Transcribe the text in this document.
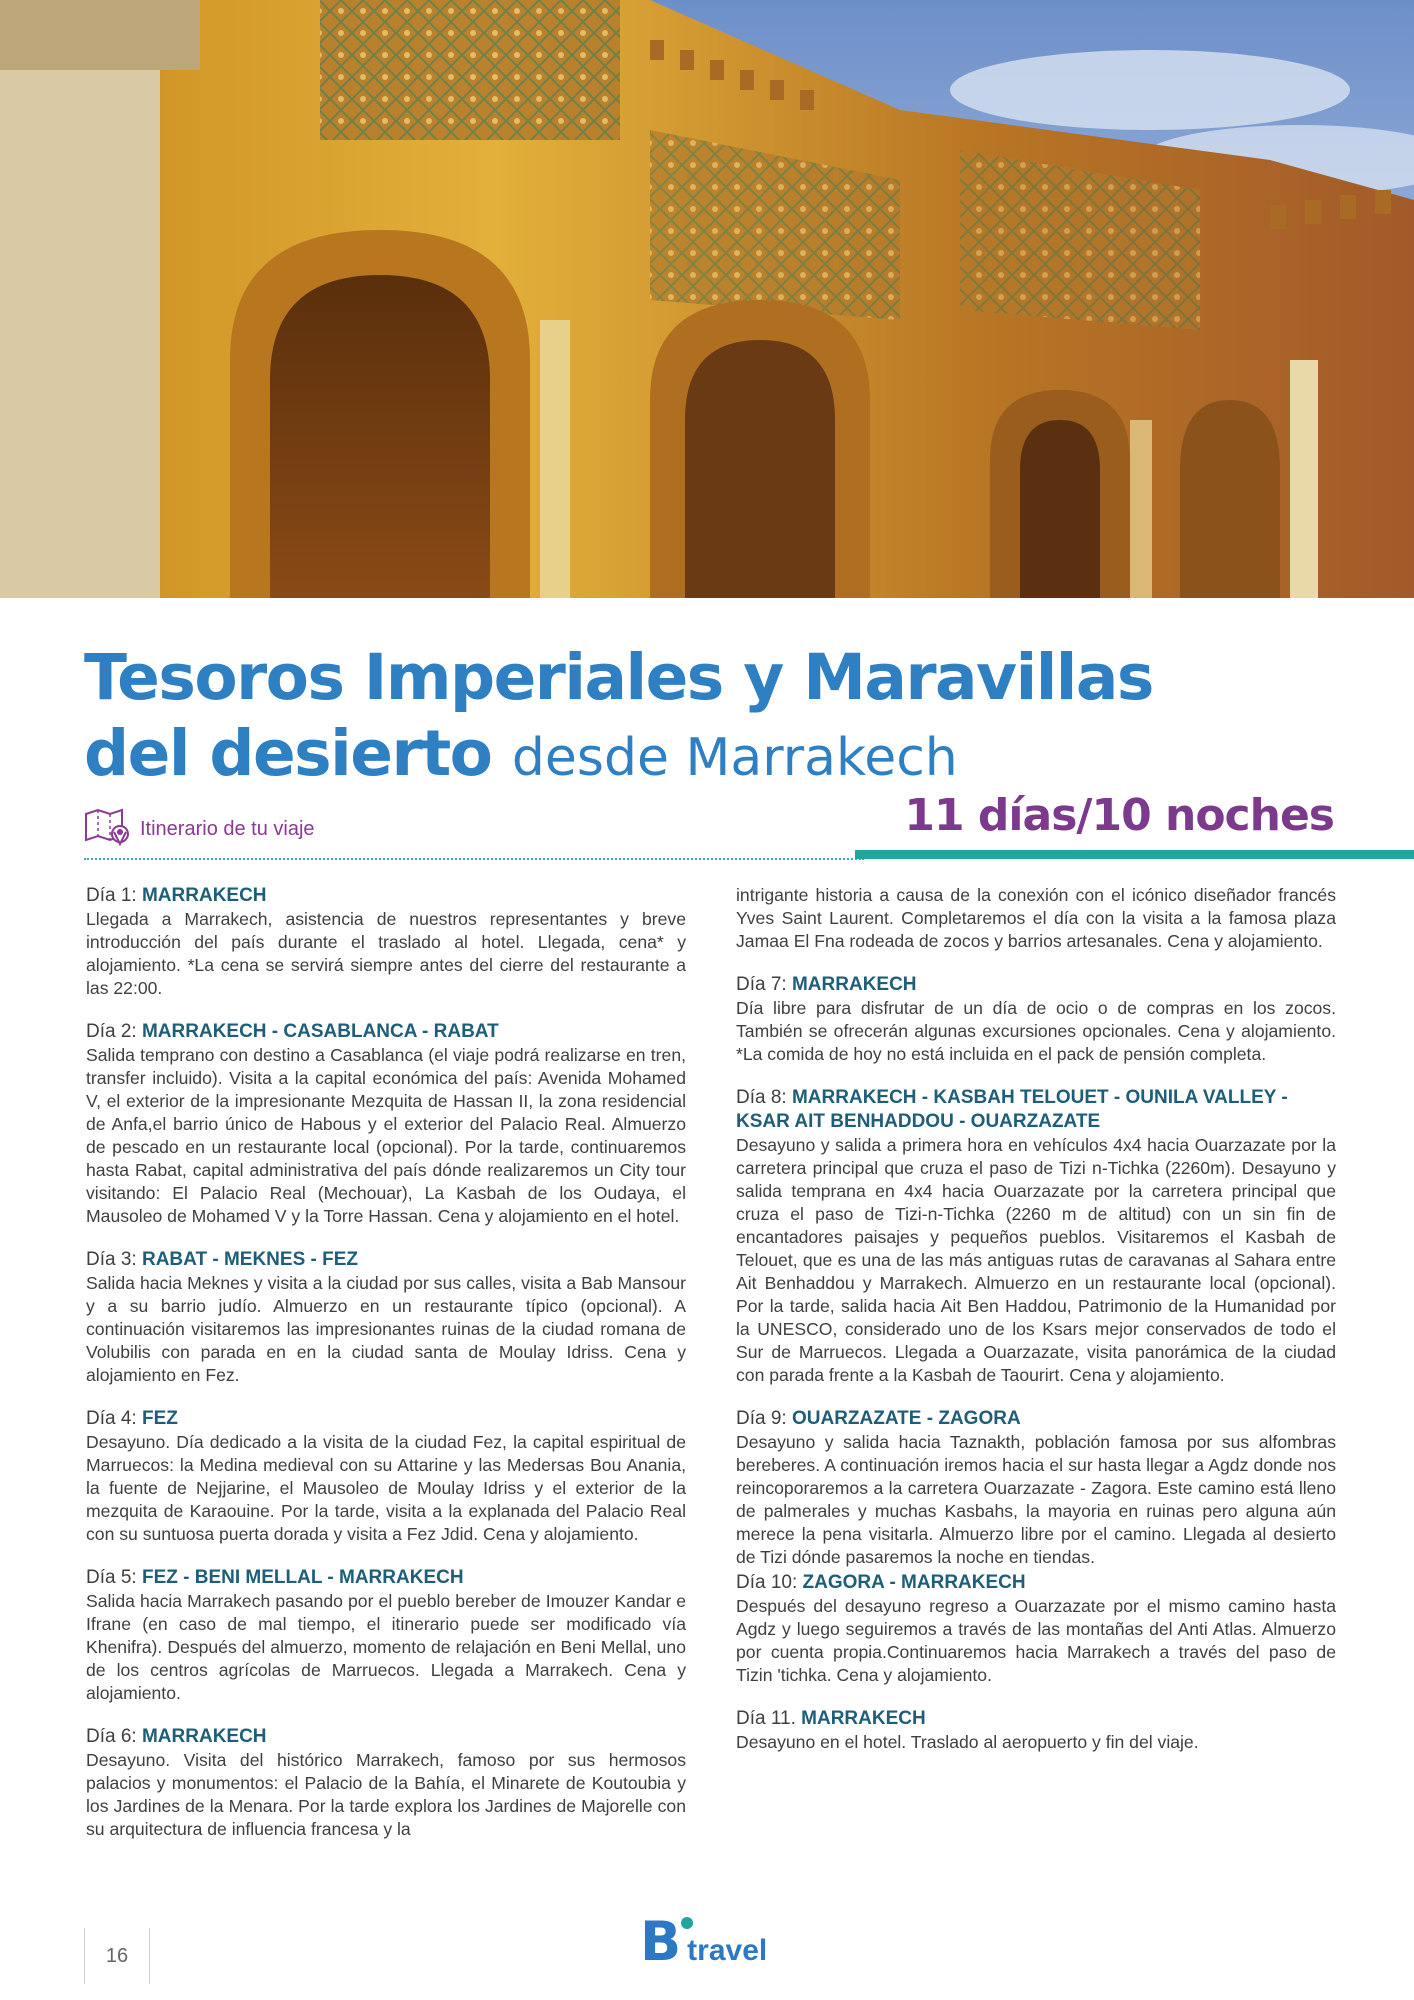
Tesoros Imperiales y Maravillas
del desierto desde Marrakech
Itinerario de tu viaje	11 días/10 noches
Día 1: MARRAKECH

Llegada a Marrakech, asistencia de nuestros representantes y breve introducción del país durante el traslado al hotel. Llegada, cena* y alojamiento. *La cena se servirá siempre antes del cierre del restaurante a las 22:00.

Día 2: MARRAKECH - CASABLANCA - RABAT

Salida temprano con destino a Casablanca (el viaje podrá realizarse en tren, transfer incluido). Visita a la capital económica del país: Avenida Mohamed V, el exterior de la impresionante Mezquita de Hassan II, la zona residencial de Anfa,el barrio único de Habous y el exterior del Palacio Real. Almuerzo de pescado en un restaurante local (opcional). Por la tarde, continuaremos hasta Rabat, capital administrativa del país dónde realizaremos un City tour visitando: El Palacio Real (Mechouar), La Kasbah de los Oudaya, el Mausoleo de Mohamed V y la Torre Hassan. Cena y alojamiento en el hotel.

Día 3: RABAT - MEKNES - FEZ

Salida hacia Meknes y visita a la ciudad por sus calles, visita a Bab Mansour y a su barrio judío. Almuerzo en un restaurante típico (opcional). A continuación visitaremos las impresionantes ruinas de la ciudad romana de Volubilis con parada en en la ciudad santa de Moulay Idriss. Cena y alojamiento en Fez.

Día 4: FEZ

Desayuno. Día dedicado a la visita de la ciudad Fez, la capital espiritual de Marruecos: la Medina medieval con su Attarine y las Medersas Bou Anania, la fuente de Nejjarine, el Mausoleo de Moulay Idriss y el exterior de la mezquita de Karaouine. Por la tarde, visita a la explanada del Palacio Real con su suntuosa puerta dorada y visita a Fez Jdid. Cena y alojamiento.

Día 5: FEZ - BENI MELLAL - MARRAKECH

Salida hacia Marrakech pasando por el pueblo bereber de Imouzer Kandar e Ifrane (en caso de mal tiempo, el itinerario puede ser modificado vía Khenifra). Después del almuerzo, momento de relajación en Beni Mellal, uno de los centros agrícolas de Marruecos. Llegada a Marrakech. Cena y alojamiento.

Día 6: MARRAKECH

Desayuno. Visita del histórico Marrakech, famoso por sus hermosos palacios y monumentos: el Palacio de la Bahía, el Minarete de Koutoubia y los Jardines de la Menara. Por la tarde explora los Jardines de Majorelle con su arquitectura de influencia francesa y la

intrigante historia a causa de la conexión con el icónico diseñador francés Yves Saint Laurent. Completaremos el día con la visita a la famosa plaza Jamaa El Fna rodeada de zocos y barrios artesanales. Cena y alojamiento.

Día 7: MARRAKECH

Día libre para disfrutar de un día de ocio o de compras en los zocos. También se ofrecerán algunas excursiones opcionales. Cena y alojamiento. *La comida de hoy no está incluida en el pack de pensión completa.

Día 8: MARRAKECH - KASBAH TELOUET - OUNILA VALLEY - KSAR AIT BENHADDOU - OUARZAZATE

Desayuno y salida a primera hora en vehículos 4x4 hacia Ouarzazate por la carretera principal que cruza el paso de Tizi n-Tichka (2260m). Desayuno y salida temprana en 4x4 hacia Ouarzazate por la carretera principal que cruza el paso de Tizi-n-Tichka (2260 m de altitud) con un sin fin de encantadores paisajes y pequeños pueblos. Visitaremos el Kasbah de Telouet, que es una de las más antiguas rutas de caravanas al Sahara entre Ait Benhaddou y Marrakech. Almuerzo en un restaurante local (opcional). Por la tarde, salida hacia Ait Ben Haddou, Patrimonio de la Humanidad por la UNESCO, considerado uno de los Ksars mejor conservados de todo el Sur de Marruecos. Llegada a Ouarzazate, visita panorámica de la ciudad con parada frente a la Kasbah de Taourirt. Cena y alojamiento.

Día 9: OUARZAZATE - ZAGORA

Desayuno y salida hacia Taznakth, población famosa por sus alfombras bereberes. A continuación iremos hacia el sur hasta llegar a Agdz donde nos reincoporaremos a la carretera Ouarzazate - Zagora. Este camino está lleno de palmerales y muchas Kasbahs, la mayoria en ruinas pero alguna aún merece la pena visitarla. Almuerzo libre por el camino. Llegada al desierto de Tizi dónde pasaremos la noche en tiendas.

Día 10: ZAGORA - MARRAKECH

Después del desayuno regreso a Ouarzazate por el mismo camino hasta Agdz y luego seguiremos a través de las montañas del Anti Atlas. Almuerzo por cuenta propia.Continuaremos hacia Marrakech a través del paso de Tizin 'tichka. Cena y alojamiento.

Día 11. MARRAKECH

Desayuno en el hotel. Traslado al aeropuerto y fin del viaje.

16	B travel
